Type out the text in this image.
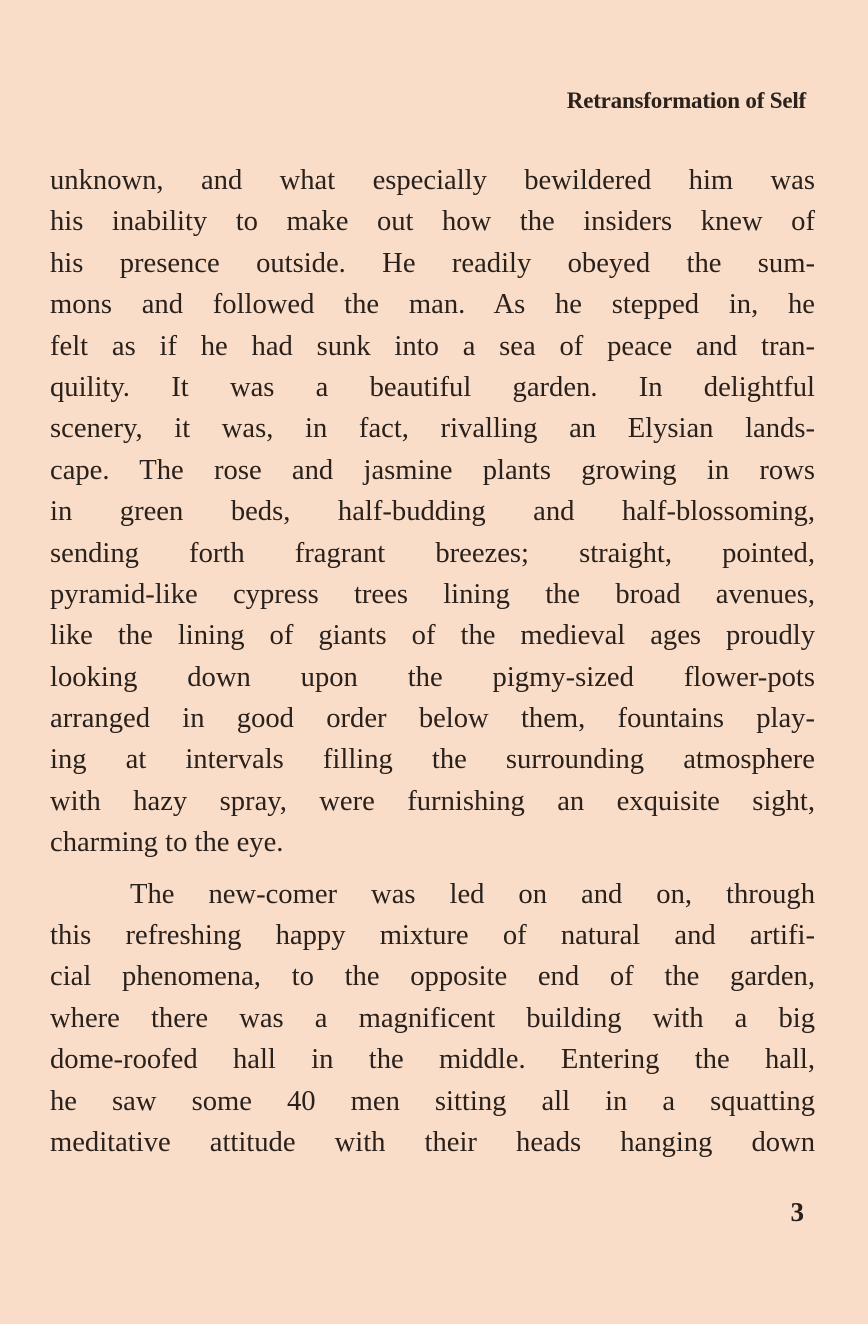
Retransformation of Self
unknown, and what especially bewildered him was
his inability to make out how the insiders knew of
his presence outside. He readily obeyed the sum-
mons and followed the man. As he stepped in, he
felt as if he had sunk into a sea of peace and tran-
quility. It was a beautiful garden. In delightful
scenery, it was, in fact, rivalling an Elysian lands-
cape. The rose and jasmine plants growing in rows
in green beds, half-budding and half-blossoming,
sending forth fragrant breezes; straight, pointed,
pyramid-like cypress trees lining the broad avenues,
like the lining of giants of the medieval ages proudly
looking down upon the pigmy-sized flower-pots
arranged in good order below them, fountains play-
ing at intervals filling the surrounding atmosphere
with hazy spray, were furnishing an exquisite sight,
charming to the eye.
The new-comer was led on and on, through
this refreshing happy mixture of natural and artifi-
cial phenomena, to the opposite end of the garden,
where there was a magnificent building with a big
dome-roofed hall in the middle. Entering the hall,
he saw some 40 men sitting all in a squatting
meditative attitude with their heads hanging down
3
